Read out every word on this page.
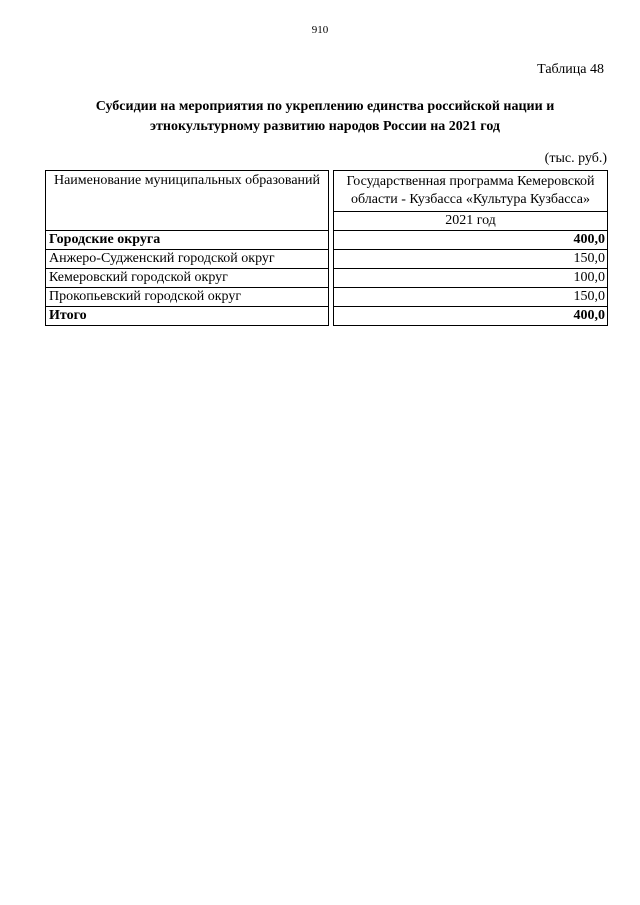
910
Таблица 48
Субсидии на мероприятия по укреплению единства российской нации и
этнокультурному развитию народов России на 2021 год
(тыс. руб.)
Наименование муниципальных образований		Государственная программа Кемеровской области - Кузбасса «Культура Кузбасса»
		2021 год
Городские округа		400,0
Анжеро-Судженский городской округ		150,0
Кемеровский городской округ		100,0
Прокопьевский городской округ		150,0
Итого		400,0
